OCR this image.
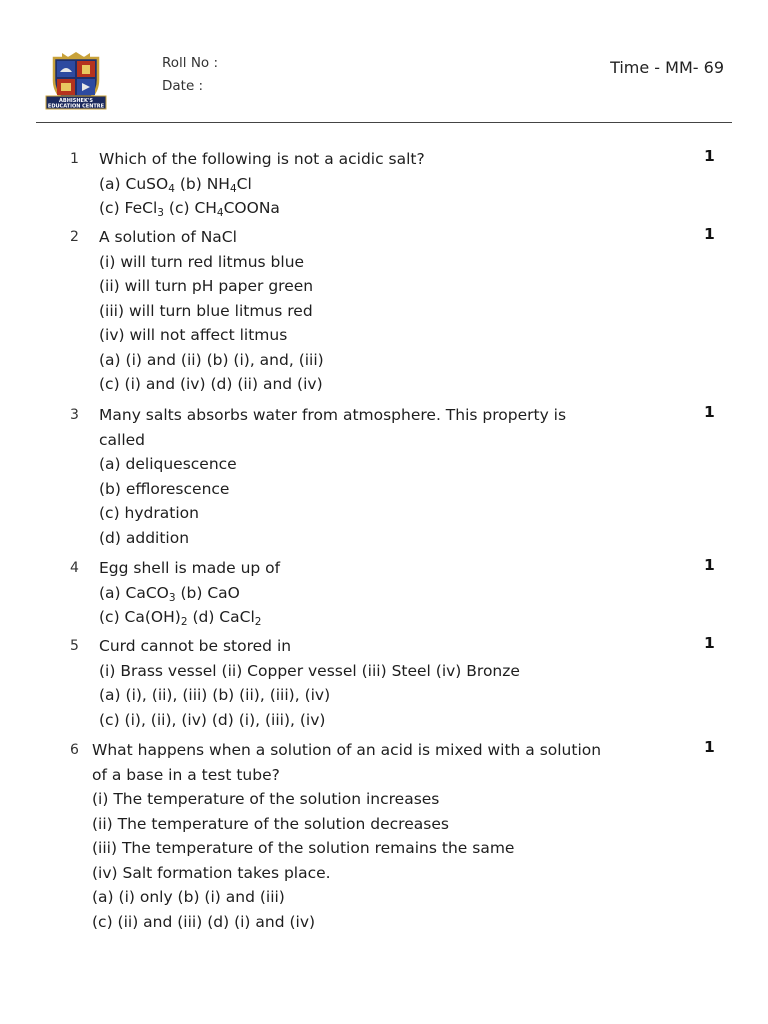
ABHISHEK'S
EDUCATION CENTRE
Roll No :
Date :
Time - MM- 69
1	1
Which of the following is not a acidic salt?
(a) CuSO$_4$ (b) $NH_4Cl$
(c) FeCl$_3$ (c) $CH_4COONa$
2	1
A solution of NaCl
(i) will turn red litmus blue
(ii) will turn pH paper green
(iii) will turn blue litmus red
(iv) will not affect litmus
(a) (i) and (ii) (b) (i), and, (iii)
(c) (i) and (iv) (d) (ii) and (iv)
3	1
Many salts absorbs water from atmosphere. This property is
called
(a) deliquescence
(b) efflorescence
(c) hydration
(d) addition
4	1
Egg shell is made up of
(a) CaCO$_3$ (b) CaO
(c) $Ca(OH)_2$ (d) CaCl$_2$
5	1
Curd cannot be stored in
(i) Brass vessel (ii) Copper vessel (iii) Steel (iv) Bronze
(a) (i), (ii), (iii) (b) (ii), (iii), (iv)
(c) (i), (ii), (iv) (d) (i), (iii), (iv)
6	1
What happens when a solution of an acid is mixed with a solution
of a base in a test tube?
(i) The temperature of the solution increases
(ii) The temperature of the solution decreases
(iii) The temperature of the solution remains the same
(iv) Salt formation takes place.
(a) (i) only (b) (i) and (iii)
(c) (ii) and (iii) (d) (i) and (iv)
